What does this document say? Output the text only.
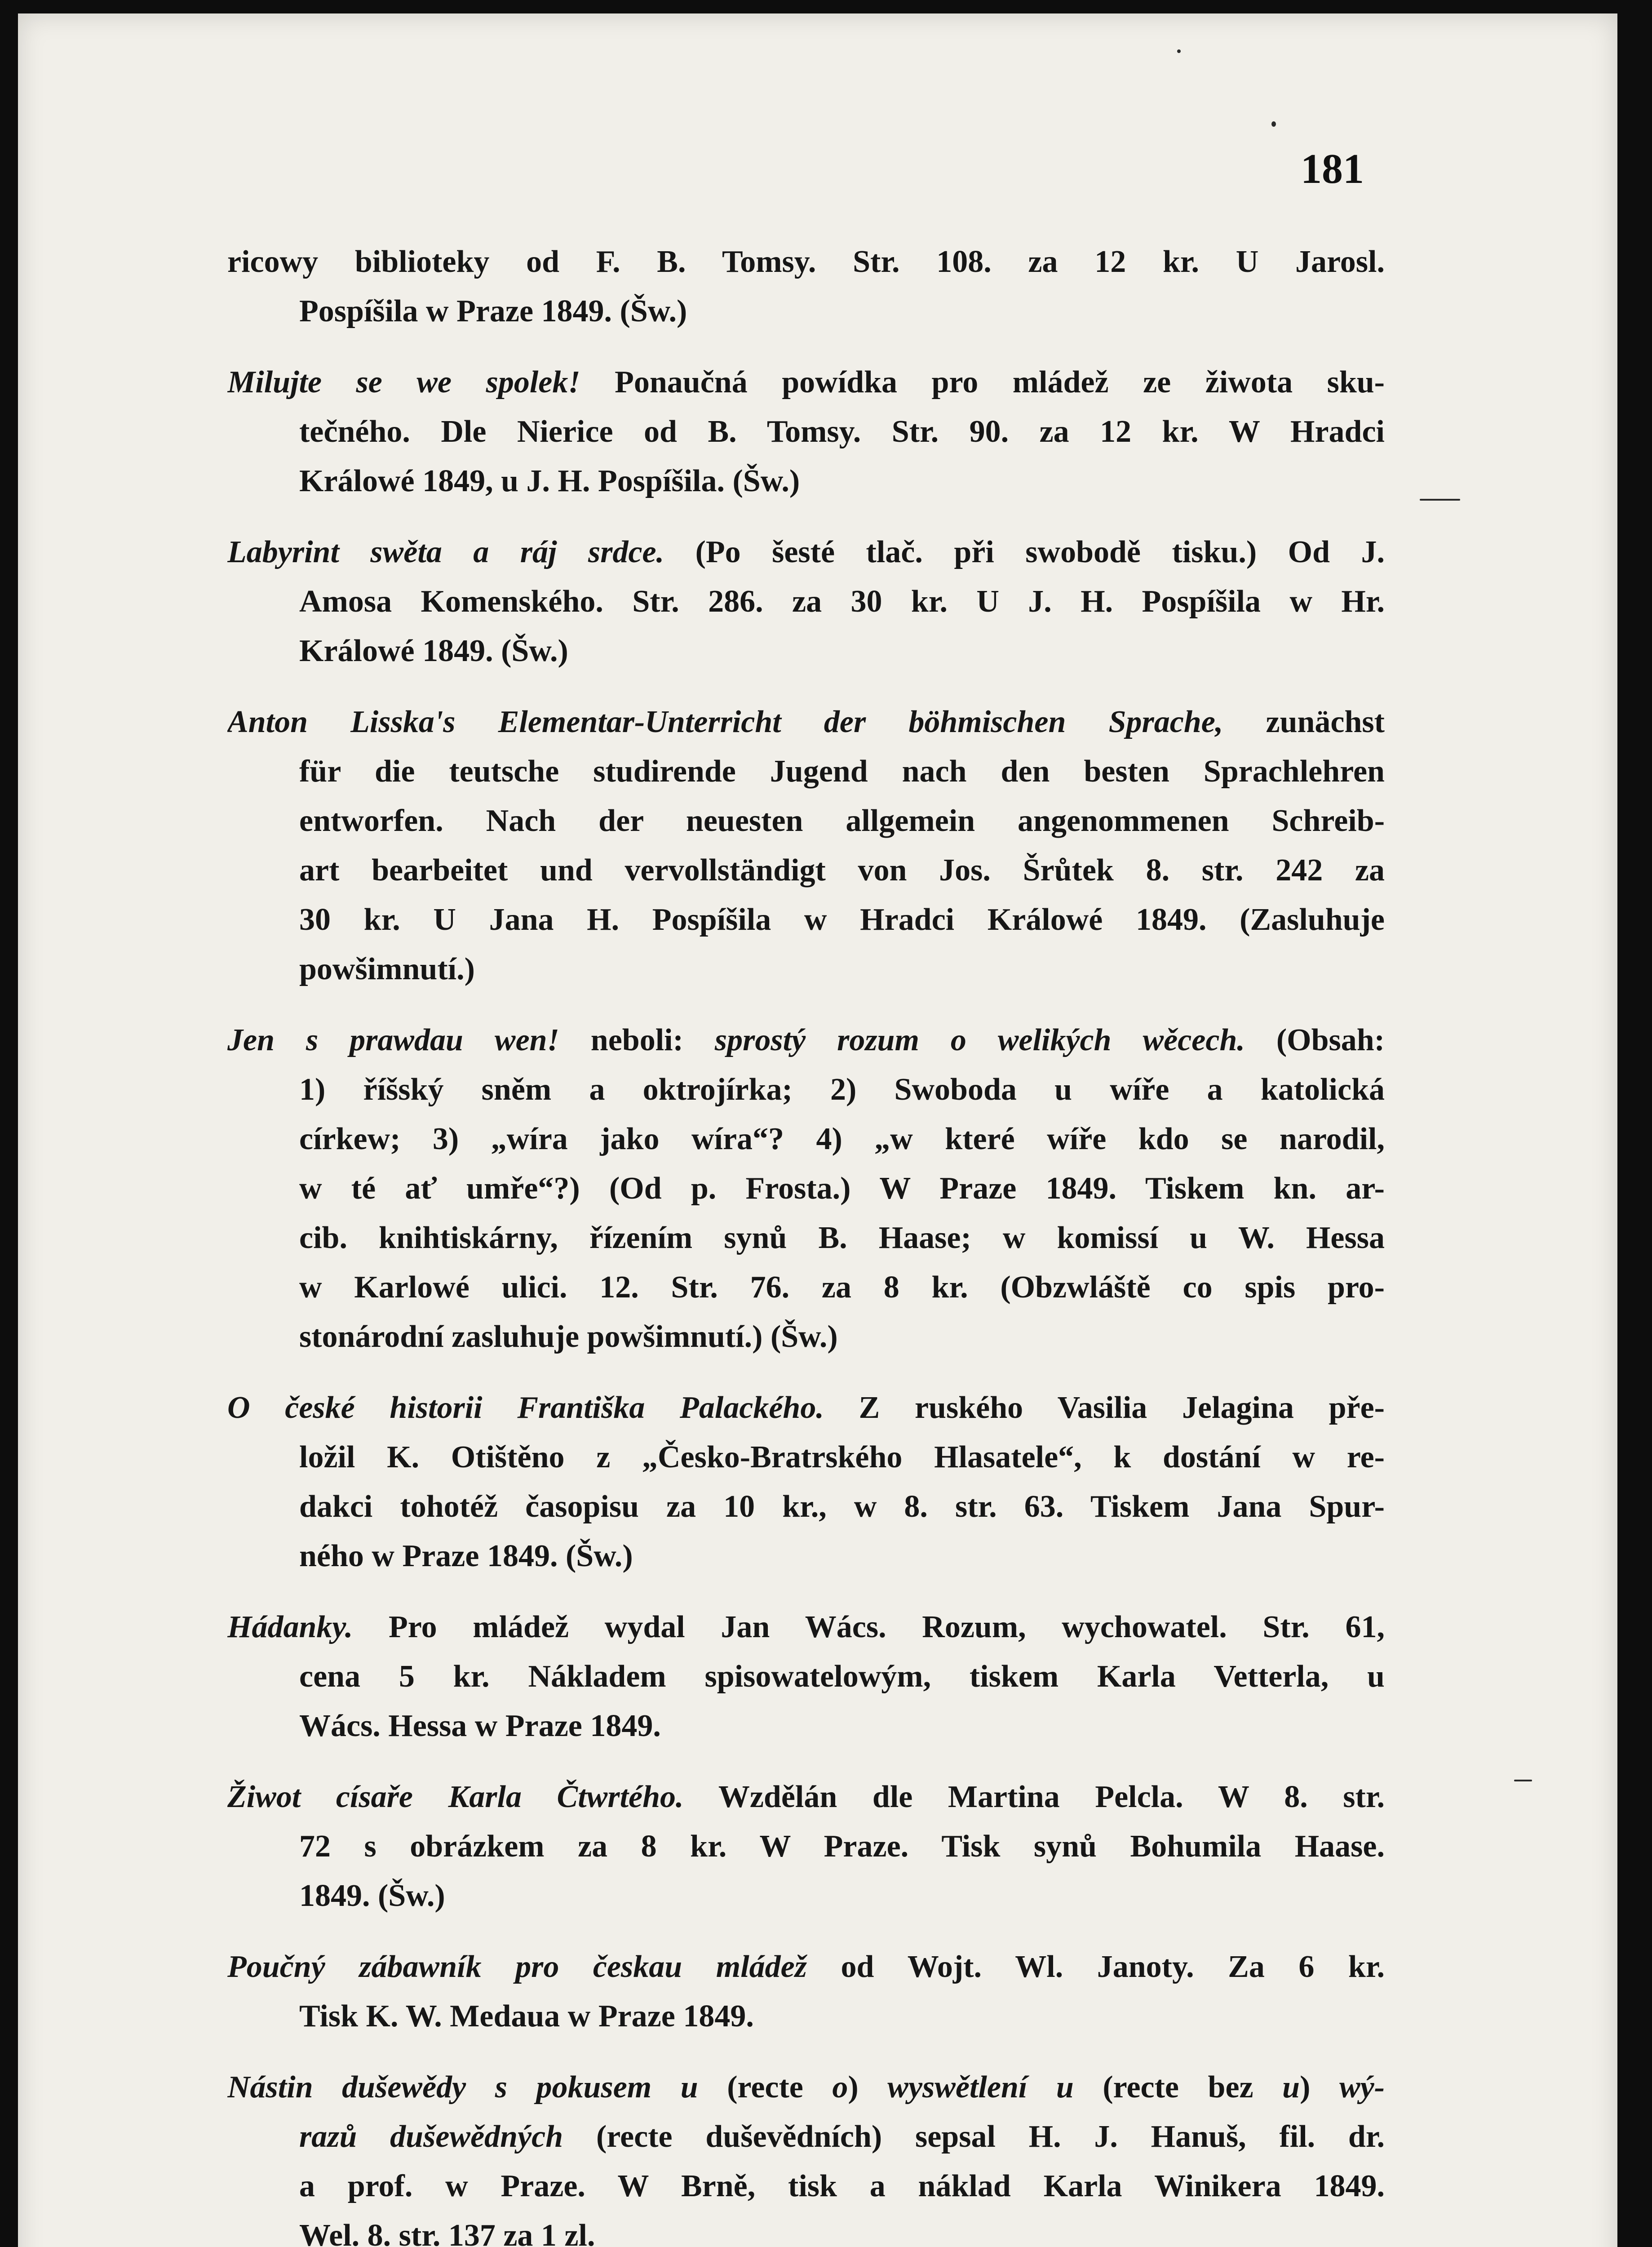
181
ricowy biblioteky od F. B. Tomsy. Str. 108. za 12 kr. U Jarosl.
Pospíšila w Praze 1849. (Šw.)
Milujte se we spolek! Ponaučná powídka pro mládež ze žiwota sku-
tečného. Dle Nierice od B. Tomsy. Str. 90. za 12 kr. W Hradci
Králowé 1849, u J. H. Pospíšila. (Šw.)
Labyrint swěta a ráj srdce. (Po šesté tlač. při swobodě tisku.) Od J.
Amosa Komenského. Str. 286. za 30 kr. U J. H. Pospíšila w Hr.
Králowé 1849. (Šw.)
Anton Lisska's Elementar-Unterricht der böhmischen Sprache, zunächst
für die teutsche studirende Jugend nach den besten Sprachlehren
entworfen. Nach der neuesten allgemein angenommenen Schreib-
art bearbeitet und vervollständigt von Jos. Šrůtek 8. str. 242 za
30 kr. U Jana H. Pospíšila w Hradci Králowé 1849. (Zasluhuje
powšimnutí.)
Jen s prawdau wen! neboli: sprostý rozum o welikých wěcech. (Obsah:
1) říšský sněm a oktrojírka; 2) Swoboda u wíře a katolická
církew; 3) „wíra jako wíra“? 4) „w které wíře kdo se narodil,
w té ať umře“?) (Od p. Frosta.) W Praze 1849. Tiskem kn. ar-
cib. knihtiskárny, řízením synů B. Haase; w komissí u W. Hessa
w Karlowé ulici. 12. Str. 76. za 8 kr. (Obzwláště co spis pro-
stonárodní zasluhuje powšimnutí.) (Šw.)
O české historii Františka Palackého. Z ruského Vasilia Jelagina pře-
ložil K. Otištěno z „Česko-Bratrského Hlasatele“, k dostání w re-
dakci tohotéž časopisu za 10 kr., w 8. str. 63. Tiskem Jana Spur-
ného w Praze 1849. (Šw.)
Hádanky. Pro mládež wydal Jan Wács. Rozum, wychowatel. Str. 61,
cena 5 kr. Nákladem spisowatelowým, tiskem Karla Vetterla, u
Wács. Hessa w Praze 1849.
Žiwot císaře Karla Čtwrtého. Wzdělán dle Martina Pelcla. W 8. str.
72 s obrázkem za 8 kr. W Praze. Tisk synů Bohumila Haase.
1849. (Šw.)
Poučný zábawník pro českau mládež od Wojt. Wl. Janoty. Za 6 kr.
Tisk K. W. Medaua w Praze 1849.
Nástin dušewědy s pokusem u (recte o) wyswětlení u (recte bez u) wý-
razů dušewědných (recte duševědních) sepsal H. J. Hanuš, fil. dr.
a prof. w Praze. W Brně, tisk a náklad Karla Winikera 1849.
Wel. 8. str. 137 za 1 zl.
